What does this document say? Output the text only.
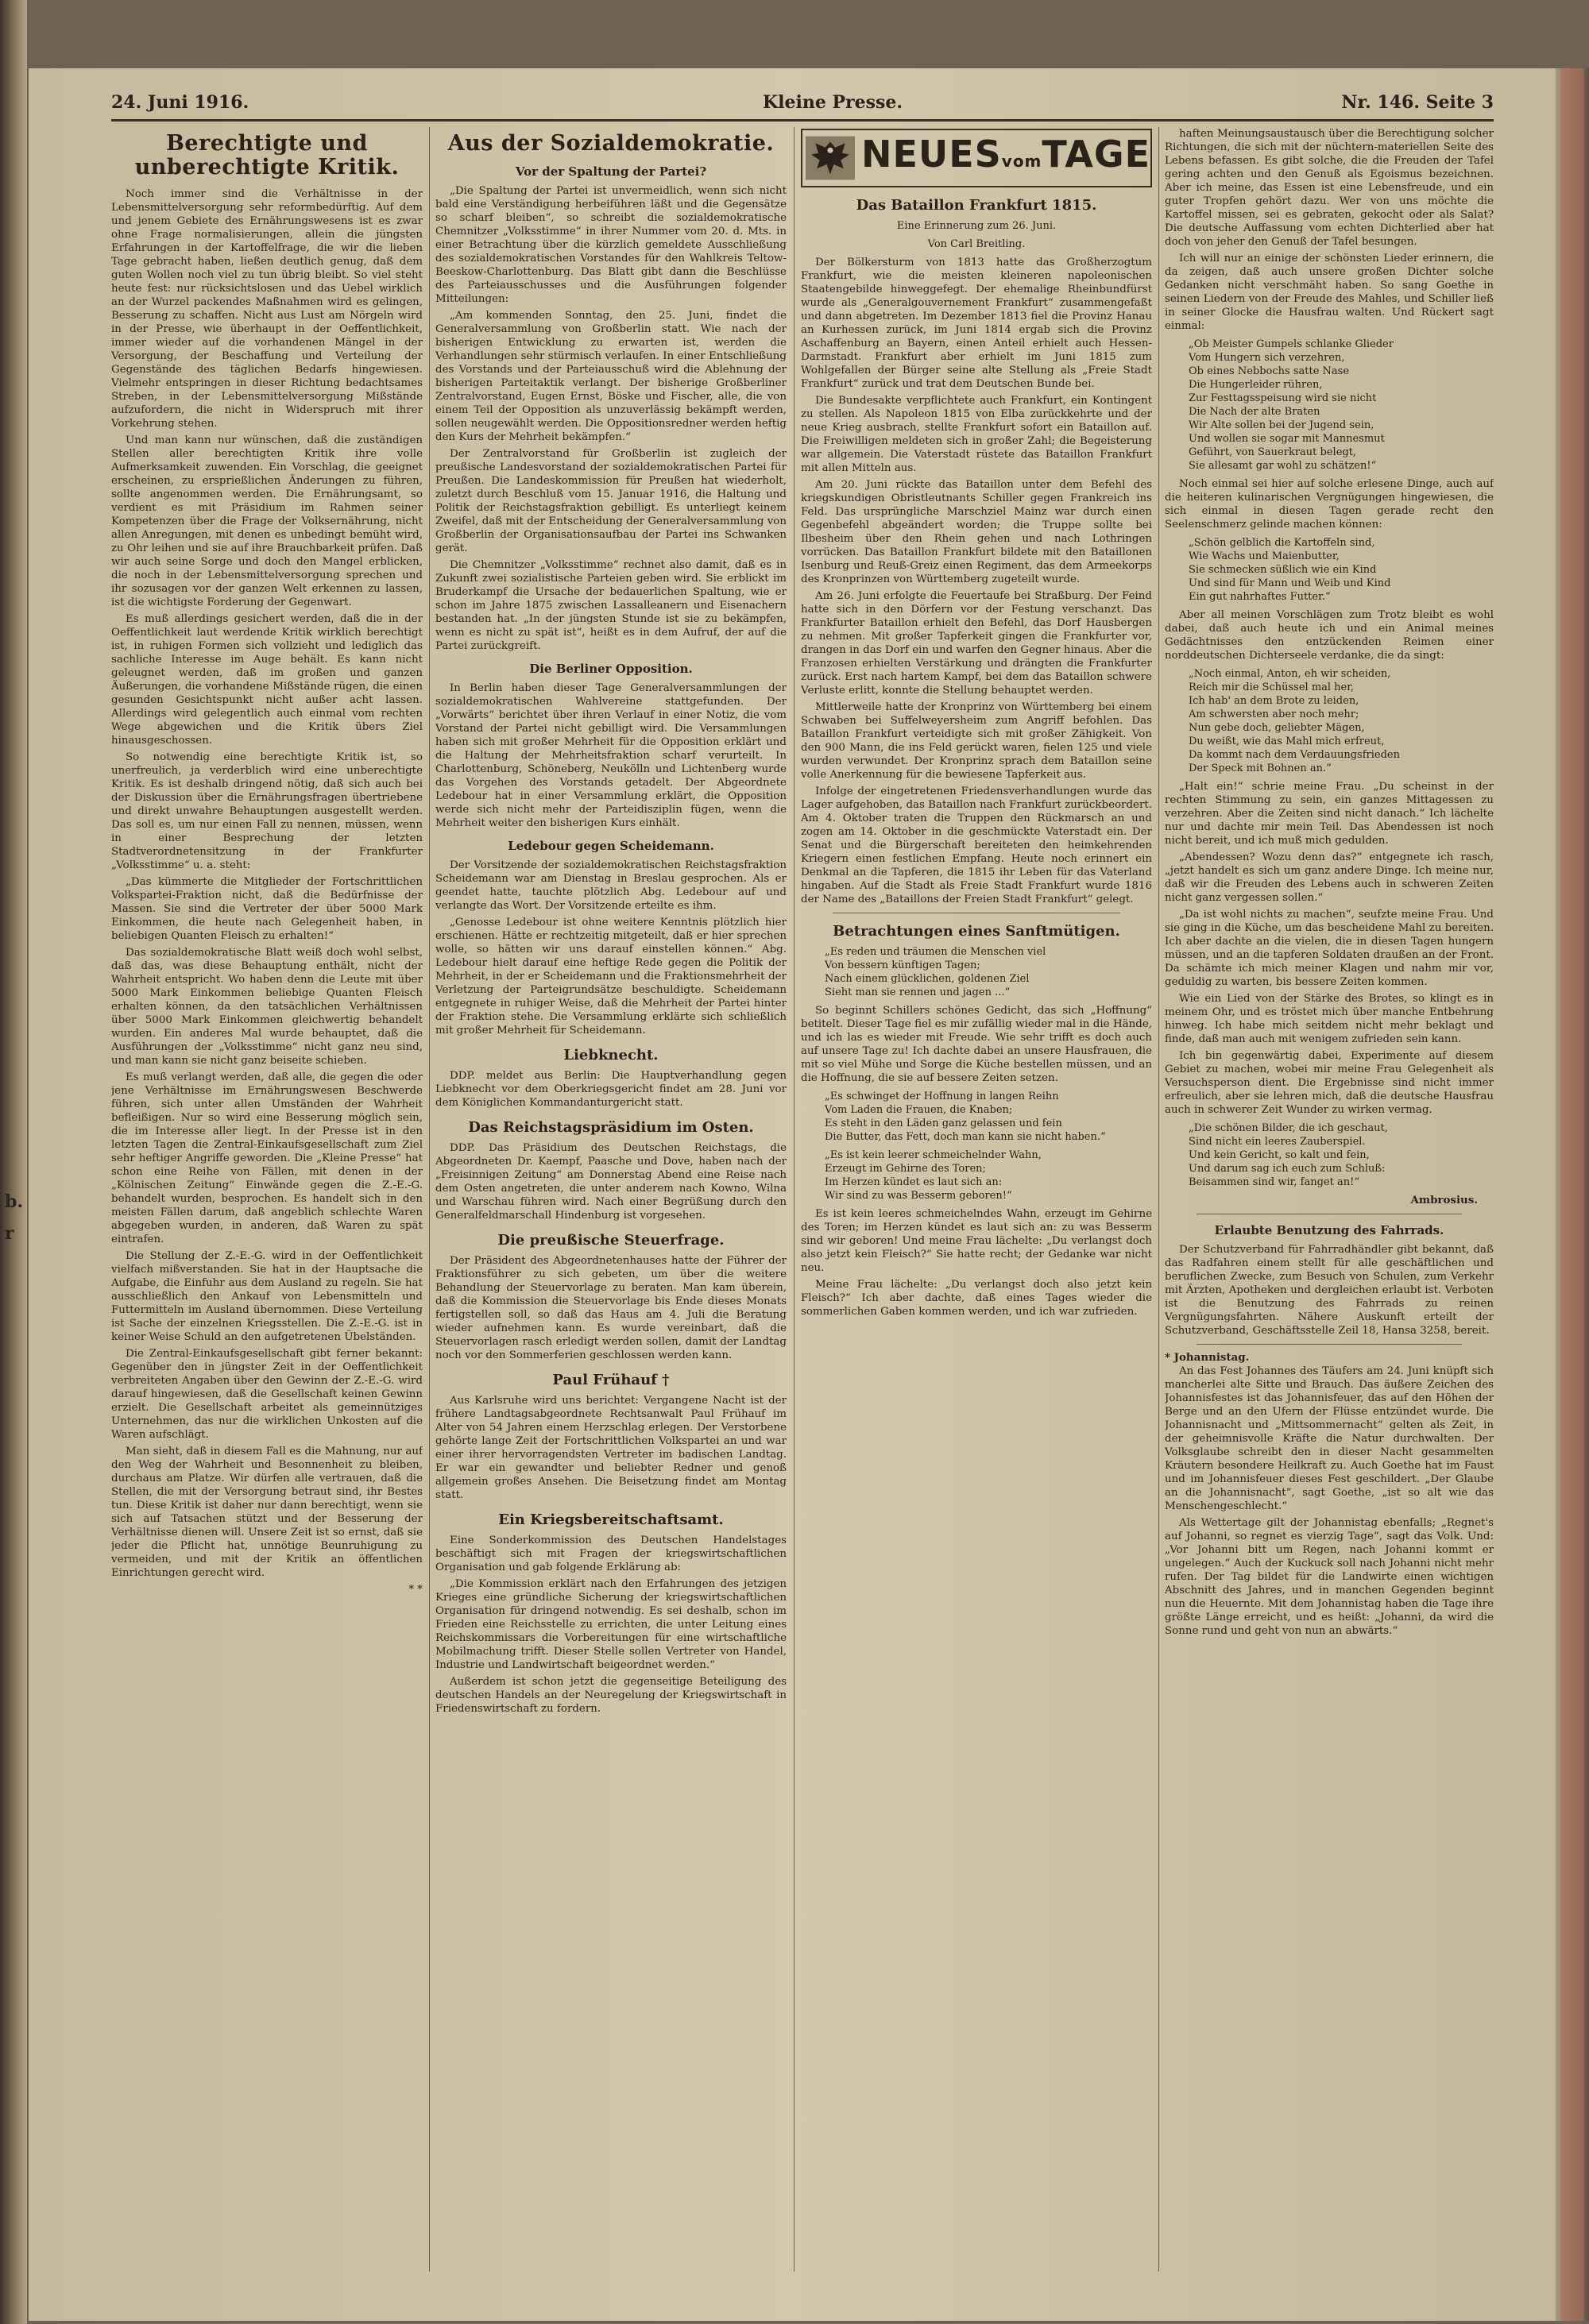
b.
r
24. Juni 1916.	Kleine Presse.	Nr. 146. Seite 3
Berechtigte und unberechtigte Kritik.

Noch immer sind die Verhältnisse in der Lebensmittelversorgung sehr reformbedürftig. Auf dem und jenem Gebiete des Ernährungswesens ist es zwar ohne Frage normalisierungen, allein die jüngsten Erfahrungen in der Kartoffelfrage, die wir die lieben Tage gebracht haben, ließen deutlich genug, daß dem guten Wollen noch viel zu tun übrig bleibt. So viel steht heute fest: nur rücksichtslosen und das Uebel wirklich an der Wurzel packendes Maßnahmen wird es gelingen, Besserung zu schaffen. Nicht aus Lust am Nörgeln wird in der Presse, wie überhaupt in der Oeffentlichkeit, immer wieder auf die vorhandenen Mängel in der Versorgung, der Beschaffung und Verteilung der Gegenstände des täglichen Bedarfs hingewiesen. Vielmehr entspringen in dieser Richtung bedachtsames Streben, in der Lebensmittelversorgung Mißstände aufzufordern, die nicht in Widerspruch mit ihrer Vorkehrung stehen.

Und man kann nur wünschen, daß die zuständigen Stellen aller berechtigten Kritik ihre volle Aufmerksamkeit zuwenden. Ein Vorschlag, die geeignet erscheinen, zu ersprießlichen Änderungen zu führen, sollte angenommen werden. Die Ernährungsamt, so verdient es mit Präsidium im Rahmen seiner Kompetenzen über die Frage der Volksernährung, nicht allen Anregungen, mit denen es unbedingt bemüht wird, zu Ohr leihen und sie auf ihre Brauchbarkeit prüfen. Daß wir auch seine Sorge und doch den Mangel erblicken, die noch in der Lebensmittelversorgung sprechen und ihr sozusagen vor der ganzen Welt erkennen zu lassen, ist die wichtigste Forderung der Gegenwart.

Es muß allerdings gesichert werden, daß die in der Oeffentlichkeit laut werdende Kritik wirklich berechtigt ist, in ruhigen Formen sich vollzieht und lediglich das sachliche Interesse im Auge behält. Es kann nicht geleugnet werden, daß im großen und ganzen Äußerungen, die vorhandene Mißstände rügen, die einen gesunden Gesichtspunkt nicht außer acht lassen. Allerdings wird gelegentlich auch einmal vom rechten Wege abgewichen und die Kritik übers Ziel hinausgeschossen.

So notwendig eine berechtigte Kritik ist, so unerfreulich, ja verderblich wird eine unberechtigte Kritik. Es ist deshalb dringend nötig, daß sich auch bei der Diskussion über die Ernährungsfragen übertriebene und direkt unwahre Behauptungen ausgestellt werden. Das soll es, um nur einen Fall zu nennen, müssen, wenn in einer Besprechung der letzten Stadtverordnetensitzung in der Frankfurter „Volksstimme“ u. a. steht:

„Das kümmerte die Mitglieder der Fortschrittlichen Volkspartei-Fraktion nicht, daß die Bedürfnisse der Massen. Sie sind die Vertreter der über 5000 Mark Einkommen, die heute nach Gelegenheit haben, in beliebigen Quanten Fleisch zu erhalten!“

Das sozialdemokratische Blatt weiß doch wohl selbst, daß das, was diese Behauptung enthält, nicht der Wahrheit entspricht. Wo haben denn die Leute mit über 5000 Mark Einkommen beliebige Quanten Fleisch erhalten können, da den tatsächlichen Verhältnissen über 5000 Mark Einkommen gleichwertig behandelt wurden. Ein anderes Mal wurde behauptet, daß die Ausführungen der „Volksstimme“ nicht ganz neu sind, und man kann sie nicht ganz beiseite schieben.

Es muß verlangt werden, daß alle, die gegen die oder jene Verhältnisse im Ernährungswesen Beschwerde führen, sich unter allen Umständen der Wahrheit befleißigen. Nur so wird eine Besserung möglich sein, die im Interesse aller liegt. In der Presse ist in den letzten Tagen die Zentral-Einkaufsgesellschaft zum Ziel sehr heftiger Angriffe geworden. Die „Kleine Presse“ hat schon eine Reihe von Fällen, mit denen in der „Kölnischen Zeitung“ Einwände gegen die Z.-E.-G. behandelt wurden, besprochen. Es handelt sich in den meisten Fällen darum, daß angeblich schlechte Waren abgegeben wurden, in anderen, daß Waren zu spät eintrafen.

Die Stellung der Z.-E.-G. wird in der Oeffentlichkeit vielfach mißverstanden. Sie hat in der Hauptsache die Aufgabe, die Einfuhr aus dem Ausland zu regeln. Sie hat ausschließlich den Ankauf von Lebensmitteln und Futtermitteln im Ausland übernommen. Diese Verteilung ist Sache der einzelnen Kriegsstellen. Die Z.-E.-G. ist in keiner Weise Schuld an den aufgetretenen Übelständen.

Die Zentral-Einkaufsgesellschaft gibt ferner bekannt: Gegenüber den in jüngster Zeit in der Oeffentlichkeit verbreiteten Angaben über den Gewinn der Z.-E.-G. wird darauf hingewiesen, daß die Gesellschaft keinen Gewinn erzielt. Die Gesellschaft arbeitet als gemeinnütziges Unternehmen, das nur die wirklichen Unkosten auf die Waren aufschlägt.

Man sieht, daß in diesem Fall es die Mahnung, nur auf den Weg der Wahrheit und Besonnenheit zu bleiben, durchaus am Platze. Wir dürfen alle vertrauen, daß die Stellen, die mit der Versorgung betraut sind, ihr Bestes tun. Diese Kritik ist daher nur dann berechtigt, wenn sie sich auf Tatsachen stützt und der Besserung der Verhältnisse dienen will. Unsere Zeit ist so ernst, daß sie jeder die Pflicht hat, unnötige Beunruhigung zu vermeiden, und mit der Kritik an öffentlichen Einrichtungen gerecht wird.

* *

Aus der Sozialdemokratie.
Vor der Spaltung der Partei?

„Die Spaltung der Partei ist unvermeidlich, wenn sich nicht bald eine Verständigung herbeiführen läßt und die Gegensätze so scharf bleiben“, so schreibt die sozialdemokratische Chemnitzer „Volksstimme“ in ihrer Nummer vom 20. d. Mts. in einer Betrachtung über die kürzlich gemeldete Ausschließung des sozialdemokratischen Vorstandes für den Wahlkreis Teltow-Beeskow-Charlottenburg. Das Blatt gibt dann die Beschlüsse des Parteiausschusses und die Ausführungen folgender Mitteilungen:

„Am kommenden Sonntag, den 25. Juni, findet die Generalversammlung von Großberlin statt. Wie nach der bisherigen Entwicklung zu erwarten ist, werden die Verhandlungen sehr stürmisch verlaufen. In einer Entschließung des Vorstands und der Parteiausschuß wird die Ablehnung der bisherigen Parteitaktik verlangt. Der bisherige Großberliner Zentralvorstand, Eugen Ernst, Böske und Fischer, alle, die von einem Teil der Opposition als unzuverlässig bekämpft werden, sollen neugewählt werden. Die Oppositionsredner werden heftig den Kurs der Mehrheit bekämpfen.“

Der Zentralvorstand für Großberlin ist zugleich der preußische Landesvorstand der sozialdemokratischen Partei für Preußen. Die Landeskommission für Preußen hat wiederholt, zuletzt durch Beschluß vom 15. Januar 1916, die Haltung und Politik der Reichstagsfraktion gebilligt. Es unterliegt keinem Zweifel, daß mit der Entscheidung der Generalversammlung von Großberlin der Organisationsaufbau der Partei ins Schwanken gerät.

Die Chemnitzer „Volksstimme“ rechnet also damit, daß es in Zukunft zwei sozialistische Parteien geben wird. Sie erblickt im Bruderkampf die Ursache der bedauerlichen Spaltung, wie er schon im Jahre 1875 zwischen Lassalleanern und Eisenachern bestanden hat. „In der jüngsten Stunde ist sie zu bekämpfen, wenn es nicht zu spät ist“, heißt es in dem Aufruf, der auf die Partei zurückgreift.

Die Berliner Opposition.

In Berlin haben dieser Tage Generalversammlungen der sozialdemokratischen Wahlvereine stattgefunden. Der „Vorwärts“ berichtet über ihren Verlauf in einer Notiz, die vom Vorstand der Partei nicht gebilligt wird. Die Versammlungen haben sich mit großer Mehrheit für die Opposition erklärt und die Haltung der Mehrheitsfraktion scharf verurteilt. In Charlottenburg, Schöneberg, Neukölln und Lichtenberg wurde das Vorgehen des Vorstands getadelt. Der Abgeordnete Ledebour hat in einer Versammlung erklärt, die Opposition werde sich nicht mehr der Parteidisziplin fügen, wenn die Mehrheit weiter den bisherigen Kurs einhält.

Ledebour gegen Scheidemann.

Der Vorsitzende der sozialdemokratischen Reichstagsfraktion Scheidemann war am Dienstag in Breslau gesprochen. Als er geendet hatte, tauchte plötzlich Abg. Ledebour auf und verlangte das Wort. Der Vorsitzende erteilte es ihm.

„Genosse Ledebour ist ohne weitere Kenntnis plötzlich hier erschienen. Hätte er rechtzeitig mitgeteilt, daß er hier sprechen wolle, so hätten wir uns darauf einstellen können.“ Abg. Ledebour hielt darauf eine heftige Rede gegen die Politik der Mehrheit, in der er Scheidemann und die Fraktionsmehrheit der Verletzung der Parteigrundsätze beschuldigte. Scheidemann entgegnete in ruhiger Weise, daß die Mehrheit der Partei hinter der Fraktion stehe. Die Versammlung erklärte sich schließlich mit großer Mehrheit für Scheidemann.

Liebknecht.

DDP. meldet aus Berlin: Die Hauptverhandlung gegen Liebknecht vor dem Oberkriegsgericht findet am 28. Juni vor dem Königlichen Kommandanturgericht statt.

Das Reichstagspräsidium im Osten.

DDP. Das Präsidium des Deutschen Reichstags, die Abgeordneten Dr. Kaempf, Paasche und Dove, haben nach der „Freisinnigen Zeitung“ am Donnerstag Abend eine Reise nach dem Osten angetreten, die unter anderem nach Kowno, Wilna und Warschau führen wird. Nach einer Begrüßung durch den Generalfeldmarschall Hindenburg ist vorgesehen.

Die preußische Steuerfrage.

Der Präsident des Abgeordnetenhauses hatte der Führer der Fraktionsführer zu sich gebeten, um über die weitere Behandlung der Steuervorlage zu beraten. Man kam überein, daß die Kommission die Steuervorlage bis Ende dieses Monats fertigstellen soll, so daß das Haus am 4. Juli die Beratung wieder aufnehmen kann. Es wurde vereinbart, daß die Steuervorlagen rasch erledigt werden sollen, damit der Landtag noch vor den Sommerferien geschlossen werden kann.

Paul Frühauf †

Aus Karlsruhe wird uns berichtet: Vergangene Nacht ist der frühere Landtagsabgeordnete Rechtsanwalt Paul Frühauf im Alter von 54 Jahren einem Herzschlag erlegen. Der Verstorbene gehörte lange Zeit der Fortschrittlichen Volkspartei an und war einer ihrer hervorragendsten Vertreter im badischen Landtag. Er war ein gewandter und beliebter Redner und genoß allgemein großes Ansehen. Die Beisetzung findet am Montag statt.

Ein Kriegsbereitschaftsamt.

Eine Sonderkommission des Deutschen Handelstages beschäftigt sich mit Fragen der kriegswirtschaftlichen Organisation und gab folgende Erklärung ab:

„Die Kommission erklärt nach den Erfahrungen des jetzigen Krieges eine gründliche Sicherung der kriegswirtschaftlichen Organisation für dringend notwendig. Es sei deshalb, schon im Frieden eine Reichsstelle zu errichten, die unter Leitung eines Reichskommissars die Vorbereitungen für eine wirtschaftliche Mobilmachung trifft. Dieser Stelle sollen Vertreter von Handel, Industrie und Landwirtschaft beigeordnet werden.“

Außerdem ist schon jetzt die gegenseitige Beteiligung des deutschen Handels an der Neuregelung der Kriegswirtschaft in Friedenswirtschaft zu fordern.

NEUESvomTAGE
Das Bataillon Frankfurt 1815.

Eine Erinnerung zum 26. Juni.

Von Carl Breitling.

Der Bölkersturm von 1813 hatte das Großherzogtum Frankfurt, wie die meisten kleineren napoleonischen Staatengebilde hinweggefegt. Der ehemalige Rheinbundfürst wurde als „Generalgouvernement Frankfurt“ zusammengefaßt und dann abgetreten. Im Dezember 1813 fiel die Provinz Hanau an Kurhessen zurück, im Juni 1814 ergab sich die Provinz Aschaffenburg an Bayern, einen Anteil erhielt auch Hessen-Darmstadt. Frankfurt aber erhielt im Juni 1815 zum Wohlgefallen der Bürger seine alte Stellung als „Freie Stadt Frankfurt“ zurück und trat dem Deutschen Bunde bei.

Die Bundesakte verpflichtete auch Frankfurt, ein Kontingent zu stellen. Als Napoleon 1815 von Elba zurückkehrte und der neue Krieg ausbrach, stellte Frankfurt sofort ein Bataillon auf. Die Freiwilligen meldeten sich in großer Zahl; die Begeisterung war allgemein. Die Vaterstadt rüstete das Bataillon Frankfurt mit allen Mitteln aus.

Am 20. Juni rückte das Bataillon unter dem Befehl des kriegskundigen Obristleutnants Schiller gegen Frankreich ins Feld. Das ursprüngliche Marschziel Mainz war durch einen Gegenbefehl abgeändert worden; die Truppe sollte bei Ilbesheim über den Rhein gehen und nach Lothringen vorrücken. Das Bataillon Frankfurt bildete mit den Bataillonen Isenburg und Reuß-Greiz einen Regiment, das dem Armeekorps des Kronprinzen von Württemberg zugeteilt wurde.

Am 26. Juni erfolgte die Feuertaufe bei Straßburg. Der Feind hatte sich in den Dörfern vor der Festung verschanzt. Das Frankfurter Bataillon erhielt den Befehl, das Dorf Hausbergen zu nehmen. Mit großer Tapferkeit gingen die Frankfurter vor, drangen in das Dorf ein und warfen den Gegner hinaus. Aber die Franzosen erhielten Verstärkung und drängten die Frankfurter zurück. Erst nach hartem Kampf, bei dem das Bataillon schwere Verluste erlitt, konnte die Stellung behauptet werden.

Mittlerweile hatte der Kronprinz von Württemberg bei einem Schwaben bei Suffelweyersheim zum Angriff befohlen. Das Bataillon Frankfurt verteidigte sich mit großer Zähigkeit. Von den 900 Mann, die ins Feld gerückt waren, fielen 125 und viele wurden verwundet. Der Kronprinz sprach dem Bataillon seine volle Anerkennung für die bewiesene Tapferkeit aus.

Infolge der eingetretenen Friedensverhandlungen wurde das Lager aufgehoben, das Bataillon nach Frankfurt zurückbeordert. Am 4. Oktober traten die Truppen den Rückmarsch an und zogen am 14. Oktober in die geschmückte Vaterstadt ein. Der Senat und die Bürgerschaft bereiteten den heimkehrenden Kriegern einen festlichen Empfang. Heute noch erinnert ein Denkmal an die Tapferen, die 1815 ihr Leben für das Vaterland hingaben. Auf die Stadt als Freie Stadt Frankfurt wurde 1816 der Name des „Bataillons der Freien Stadt Frankfurt“ gelegt.

Betrachtungen eines Sanftmütigen.

„Es reden und träumen die Menschen viel
Von bessern künftigen Tagen;
Nach einem glücklichen, goldenen Ziel
Sieht man sie rennen und jagen ...“

So beginnt Schillers schönes Gedicht, das sich „Hoffnung“ betitelt. Dieser Tage fiel es mir zufällig wieder mal in die Hände, und ich las es wieder mit Freude. Wie sehr trifft es doch auch auf unsere Tage zu! Ich dachte dabei an unsere Hausfrauen, die mit so viel Mühe und Sorge die Küche bestellen müssen, und an die Hoffnung, die sie auf bessere Zeiten setzen.

„Es schwinget der Hoffnung in langen Reihn
Vom Laden die Frauen, die Knaben;
Es steht in den Läden ganz gelassen und fein
Die Butter, das Fett, doch man kann sie nicht haben.“

„Es ist kein leerer schmeichelnder Wahn,
Erzeugt im Gehirne des Toren;
Im Herzen kündet es laut sich an:
Wir sind zu was Besserm geboren!“

Es ist kein leeres schmeichelndes Wahn, erzeugt im Gehirne des Toren; im Herzen kündet es laut sich an: zu was Besserm sind wir geboren! Und meine Frau lächelte: „Du verlangst doch also jetzt kein Fleisch?“ Sie hatte recht; der Gedanke war nicht neu.

Meine Frau lächelte: „Du verlangst doch also jetzt kein Fleisch?“ Ich aber dachte, daß eines Tages wieder die sommerlichen Gaben kommen werden, und ich war zufrieden.

haften Meinungsaustausch über die Berechtigung solcher Richtungen, die sich mit der nüchtern-materiellen Seite des Lebens befassen. Es gibt solche, die die Freuden der Tafel gering achten und den Genuß als Egoismus bezeichnen. Aber ich meine, das Essen ist eine Lebensfreude, und ein guter Tropfen gehört dazu. Wer von uns möchte die Kartoffel missen, sei es gebraten, gekocht oder als Salat? Die deutsche Auffassung vom echten Dichterlied aber hat doch von jeher den Genuß der Tafel besungen.

Ich will nur an einige der schönsten Lieder erinnern, die da zeigen, daß auch unsere großen Dichter solche Gedanken nicht verschmäht haben. So sang Goethe in seinen Liedern von der Freude des Mahles, und Schiller ließ in seiner Glocke die Hausfrau walten. Und Rückert sagt einmal:

„Ob Meister Gumpels schlanke Glieder
Vom Hungern sich verzehren,
Ob eines Nebbochs satte Nase
Die Hungerleider rühren,
Zur Festtagsspeisung wird sie nicht
Die Nach der alte Braten
Wir Alte sollen bei der Jugend sein,
Und wollen sie sogar mit Mannesmut
Geführt, von Sauerkraut belegt,
Sie allesamt gar wohl zu schätzen!“

Noch einmal sei hier auf solche erlesene Dinge, auch auf die heiteren kulinarischen Vergnügungen hingewiesen, die sich einmal in diesen Tagen gerade recht den Seelenschmerz gelinde machen können:

„Schön gelblich die Kartoffeln sind,
Wie Wachs und Maienbutter,
Sie schmecken süßlich wie ein Kind
Und sind für Mann und Weib und Kind
Ein gut nahrhaftes Futter.“

Aber all meinen Vorschlägen zum Trotz bleibt es wohl dabei, daß auch heute ich und ein Animal meines Gedächtnisses den entzückenden Reimen einer norddeutschen Dichterseele verdanke, die da singt:

„Noch einmal, Anton, eh wir scheiden,
Reich mir die Schüssel mal her,
Ich hab' an dem Brote zu leiden,
Am schwersten aber noch mehr;
Nun gebe doch, geliebter Mägen,
Du weißt, wie das Mahl mich erfreut,
Da kommt nach dem Verdauungsfrieden
Der Speck mit Bohnen an.“

„Halt ein!“ schrie meine Frau. „Du scheinst in der rechten Stimmung zu sein, ein ganzes Mittagessen zu verzehren. Aber die Zeiten sind nicht danach.“ Ich lächelte nur und dachte mir mein Teil. Das Abendessen ist noch nicht bereit, und ich muß mich gedulden.

„Abendessen? Wozu denn das?“ entgegnete ich rasch, „jetzt handelt es sich um ganz andere Dinge. Ich meine nur, daß wir die Freuden des Lebens auch in schweren Zeiten nicht ganz vergessen sollen.“

„Da ist wohl nichts zu machen“, seufzte meine Frau. Und sie ging in die Küche, um das bescheidene Mahl zu bereiten. Ich aber dachte an die vielen, die in diesen Tagen hungern müssen, und an die tapferen Soldaten draußen an der Front. Da schämte ich mich meiner Klagen und nahm mir vor, geduldig zu warten, bis bessere Zeiten kommen.

Wie ein Lied von der Stärke des Brotes, so klingt es in meinem Ohr, und es tröstet mich über manche Entbehrung hinweg. Ich habe mich seitdem nicht mehr beklagt und finde, daß man auch mit wenigem zufrieden sein kann.

Ich bin gegenwärtig dabei, Experimente auf diesem Gebiet zu machen, wobei mir meine Frau Gelegenheit als Versuchsperson dient. Die Ergebnisse sind nicht immer erfreulich, aber sie lehren mich, daß die deutsche Hausfrau auch in schwerer Zeit Wunder zu wirken vermag.

„Die schönen Bilder, die ich geschaut,
Sind nicht ein leeres Zauberspiel.
Und kein Gericht, so kalt und fein,
Und darum sag ich euch zum Schluß:
Beisammen sind wir, fanget an!“

Ambrosius.

Erlaubte Benutzung des Fahrrads.

Der Schutzverband für Fahrradhändler gibt bekannt, daß das Radfahren einem stellt für alle geschäftlichen und beruflichen Zwecke, zum Besuch von Schulen, zum Verkehr mit Ärzten, Apotheken und dergleichen erlaubt ist. Verboten ist die Benutzung des Fahrrads zu reinen Vergnügungsfahrten. Nähere Auskunft erteilt der Schutzverband, Geschäftsstelle Zeil 18, Hansa 3258, bereit.

* Johannistag.

An das Fest Johannes des Täufers am 24. Juni knüpft sich mancherlei alte Sitte und Brauch. Das äußere Zeichen des Johannisfestes ist das Johannisfeuer, das auf den Höhen der Berge und an den Ufern der Flüsse entzündet wurde. Die Johannisnacht und „Mittsommernacht“ gelten als Zeit, in der geheimnisvolle Kräfte die Natur durchwalten. Der Volksglaube schreibt den in dieser Nacht gesammelten Kräutern besondere Heilkraft zu. Auch Goethe hat im Faust und im Johannisfeuer dieses Fest geschildert. „Der Glaube an die Johannisnacht“, sagt Goethe, „ist so alt wie das Menschengeschlecht.“

Als Wettertage gilt der Johannistag ebenfalls; „Regnet's auf Johanni, so regnet es vierzig Tage“, sagt das Volk. Und: „Vor Johanni bitt um Regen, nach Johanni kommt er ungelegen.“ Auch der Kuckuck soll nach Johanni nicht mehr rufen. Der Tag bildet für die Landwirte einen wichtigen Abschnitt des Jahres, und in manchen Gegenden beginnt nun die Heuernte. Mit dem Johannistag haben die Tage ihre größte Länge erreicht, und es heißt: „Johanni, da wird die Sonne rund und geht von nun an abwärts.“
